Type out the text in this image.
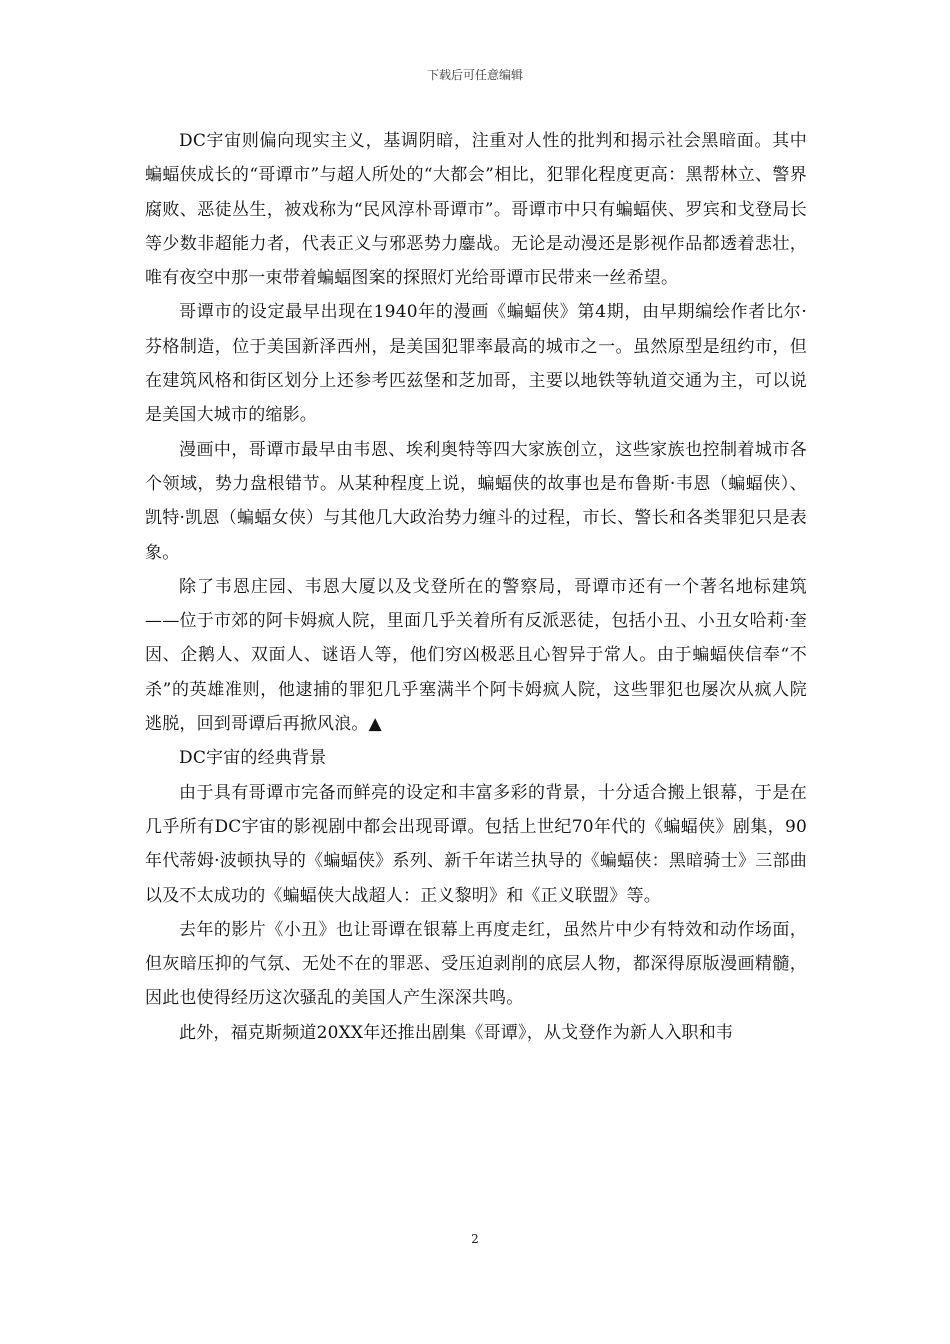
下载后可任意编辑

DC宇宙则偏向现实主义，基调阴暗，注重对人性的批判和揭示社会黑暗面。其中蝙蝠侠成长的“哥谭市”与超人所处的“大都会”相比，犯罪化程度更高：黑帮林立、警界腐败、恶徒丛生，被戏称为“民风淳朴哥谭市”。哥谭市中只有蝙蝠侠、罗宾和戈登局长等少数非超能力者，代表正义与邪恶势力鏖战。无论是动漫还是影视作品都透着悲壮，唯有夜空中那一束带着蝙蝠图案的探照灯光给哥谭市民带来一丝希望。

哥谭市的设定最早出现在1940年的漫画《蝙蝠侠》第4期，由早期编绘作者比尔·芬格制造，位于美国新泽西州，是美国犯罪率最高的城市之一。虽然原型是纽约市，但在建筑风格和街区划分上还参考匹兹堡和芝加哥，主要以地铁等轨道交通为主，可以说是美国大城市的缩影。

漫画中，哥谭市最早由韦恩、埃利奥特等四大家族创立，这些家族也控制着城市各个领域，势力盘根错节。从某种程度上说，蝙蝠侠的故事也是布鲁斯·韦恩（蝙蝠侠）、凯特·凯恩（蝙蝠女侠）与其他几大政治势力缠斗的过程，市长、警长和各类罪犯只是表象。

除了韦恩庄园、韦恩大厦以及戈登所在的警察局，哥谭市还有一个著名地标建筑——位于市郊的阿卡姆疯人院，里面几乎关着所有反派恶徒，包括小丑、小丑女哈莉·奎因、企鹅人、双面人、谜语人等，他们穷凶极恶且心智异于常人。由于蝙蝠侠信奉“不杀”的英雄准则，他逮捕的罪犯几乎塞满半个阿卡姆疯人院，这些罪犯也屡次从疯人院逃脱，回到哥谭后再掀风浪。▲

DC宇宙的经典背景

由于具有哥谭市完备而鲜亮的设定和丰富多彩的背景，十分适合搬上银幕，于是在几乎所有DC宇宙的影视剧中都会出现哥谭。包括上世纪70年代的《蝙蝠侠》剧集，90年代蒂姆·波顿执导的《蝙蝠侠》系列、新千年诺兰执导的《蝙蝠侠：黑暗骑士》三部曲以及不太成功的《蝙蝠侠大战超人：正义黎明》和《正义联盟》等。

去年的影片《小丑》也让哥谭在银幕上再度走红，虽然片中少有特效和动作场面，但灰暗压抑的气氛、无处不在的罪恶、受压迫剥削的底层人物，都深得原版漫画精髓，因此也使得经历这次骚乱的美国人产生深深共鸣。

此外，福克斯频道20XX年还推出剧集《哥谭》，从戈登作为新人入职和韦

2
